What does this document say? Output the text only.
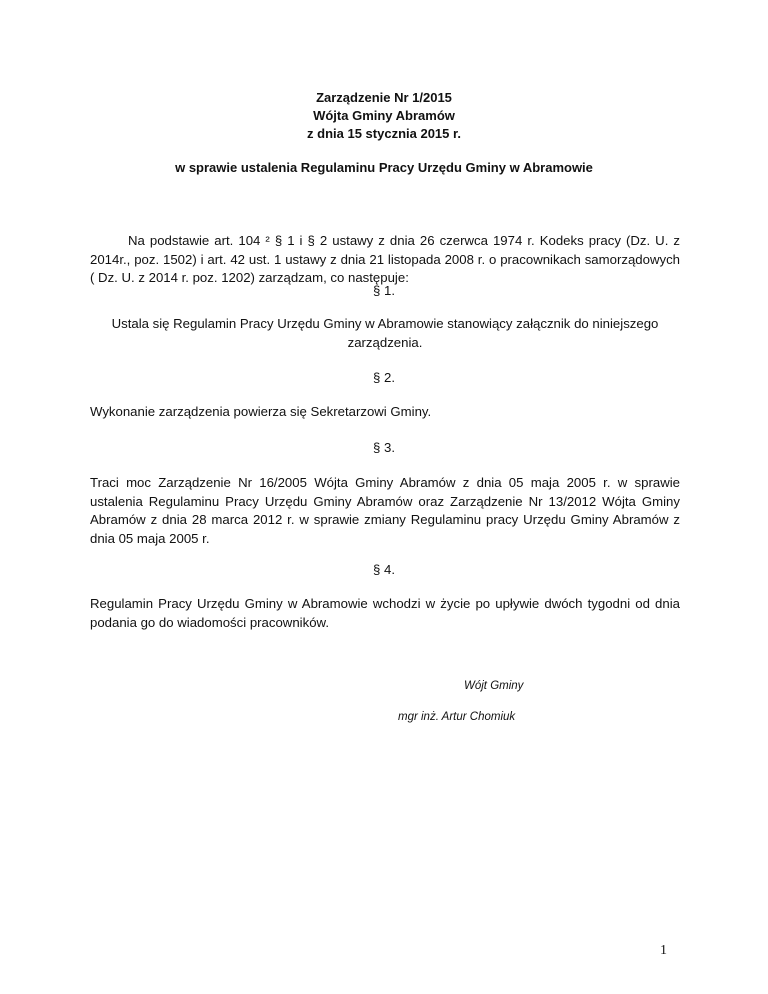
Zarządzenie Nr 1/2015
Wójta Gminy Abramów
z dnia 15 stycznia 2015 r.
w sprawie ustalenia Regulaminu Pracy Urzędu Gminy w Abramowie
Na podstawie art. 104 ² § 1 i § 2 ustawy z dnia 26 czerwca 1974 r. Kodeks pracy (Dz. U. z 2014r., poz. 1502) i art. 42 ust. 1 ustawy z dnia 21 listopada 2008 r. o pracownikach samorządowych ( Dz. U. z 2014 r. poz. 1202) zarządzam, co następuje:
§ 1.
Ustala się Regulamin Pracy Urzędu Gminy w Abramowie stanowiący załącznik do niniejszego zarządzenia.
§ 2.
Wykonanie zarządzenia powierza się Sekretarzowi Gminy.
§ 3.
Traci moc Zarządzenie Nr 16/2005 Wójta Gminy Abramów z dnia 05 maja 2005 r. w sprawie ustalenia Regulaminu Pracy Urzędu Gminy Abramów oraz Zarządzenie Nr 13/2012 Wójta Gminy Abramów z dnia 28 marca 2012 r. w sprawie zmiany Regulaminu pracy Urzędu Gminy Abramów z dnia 05 maja 2005 r.
§ 4.
Regulamin Pracy Urzędu Gminy w Abramowie wchodzi w życie po upływie dwóch tygodni od dnia podania go do wiadomości pracowników.
Wójt Gminy
mgr inż. Artur Chomiuk
1
